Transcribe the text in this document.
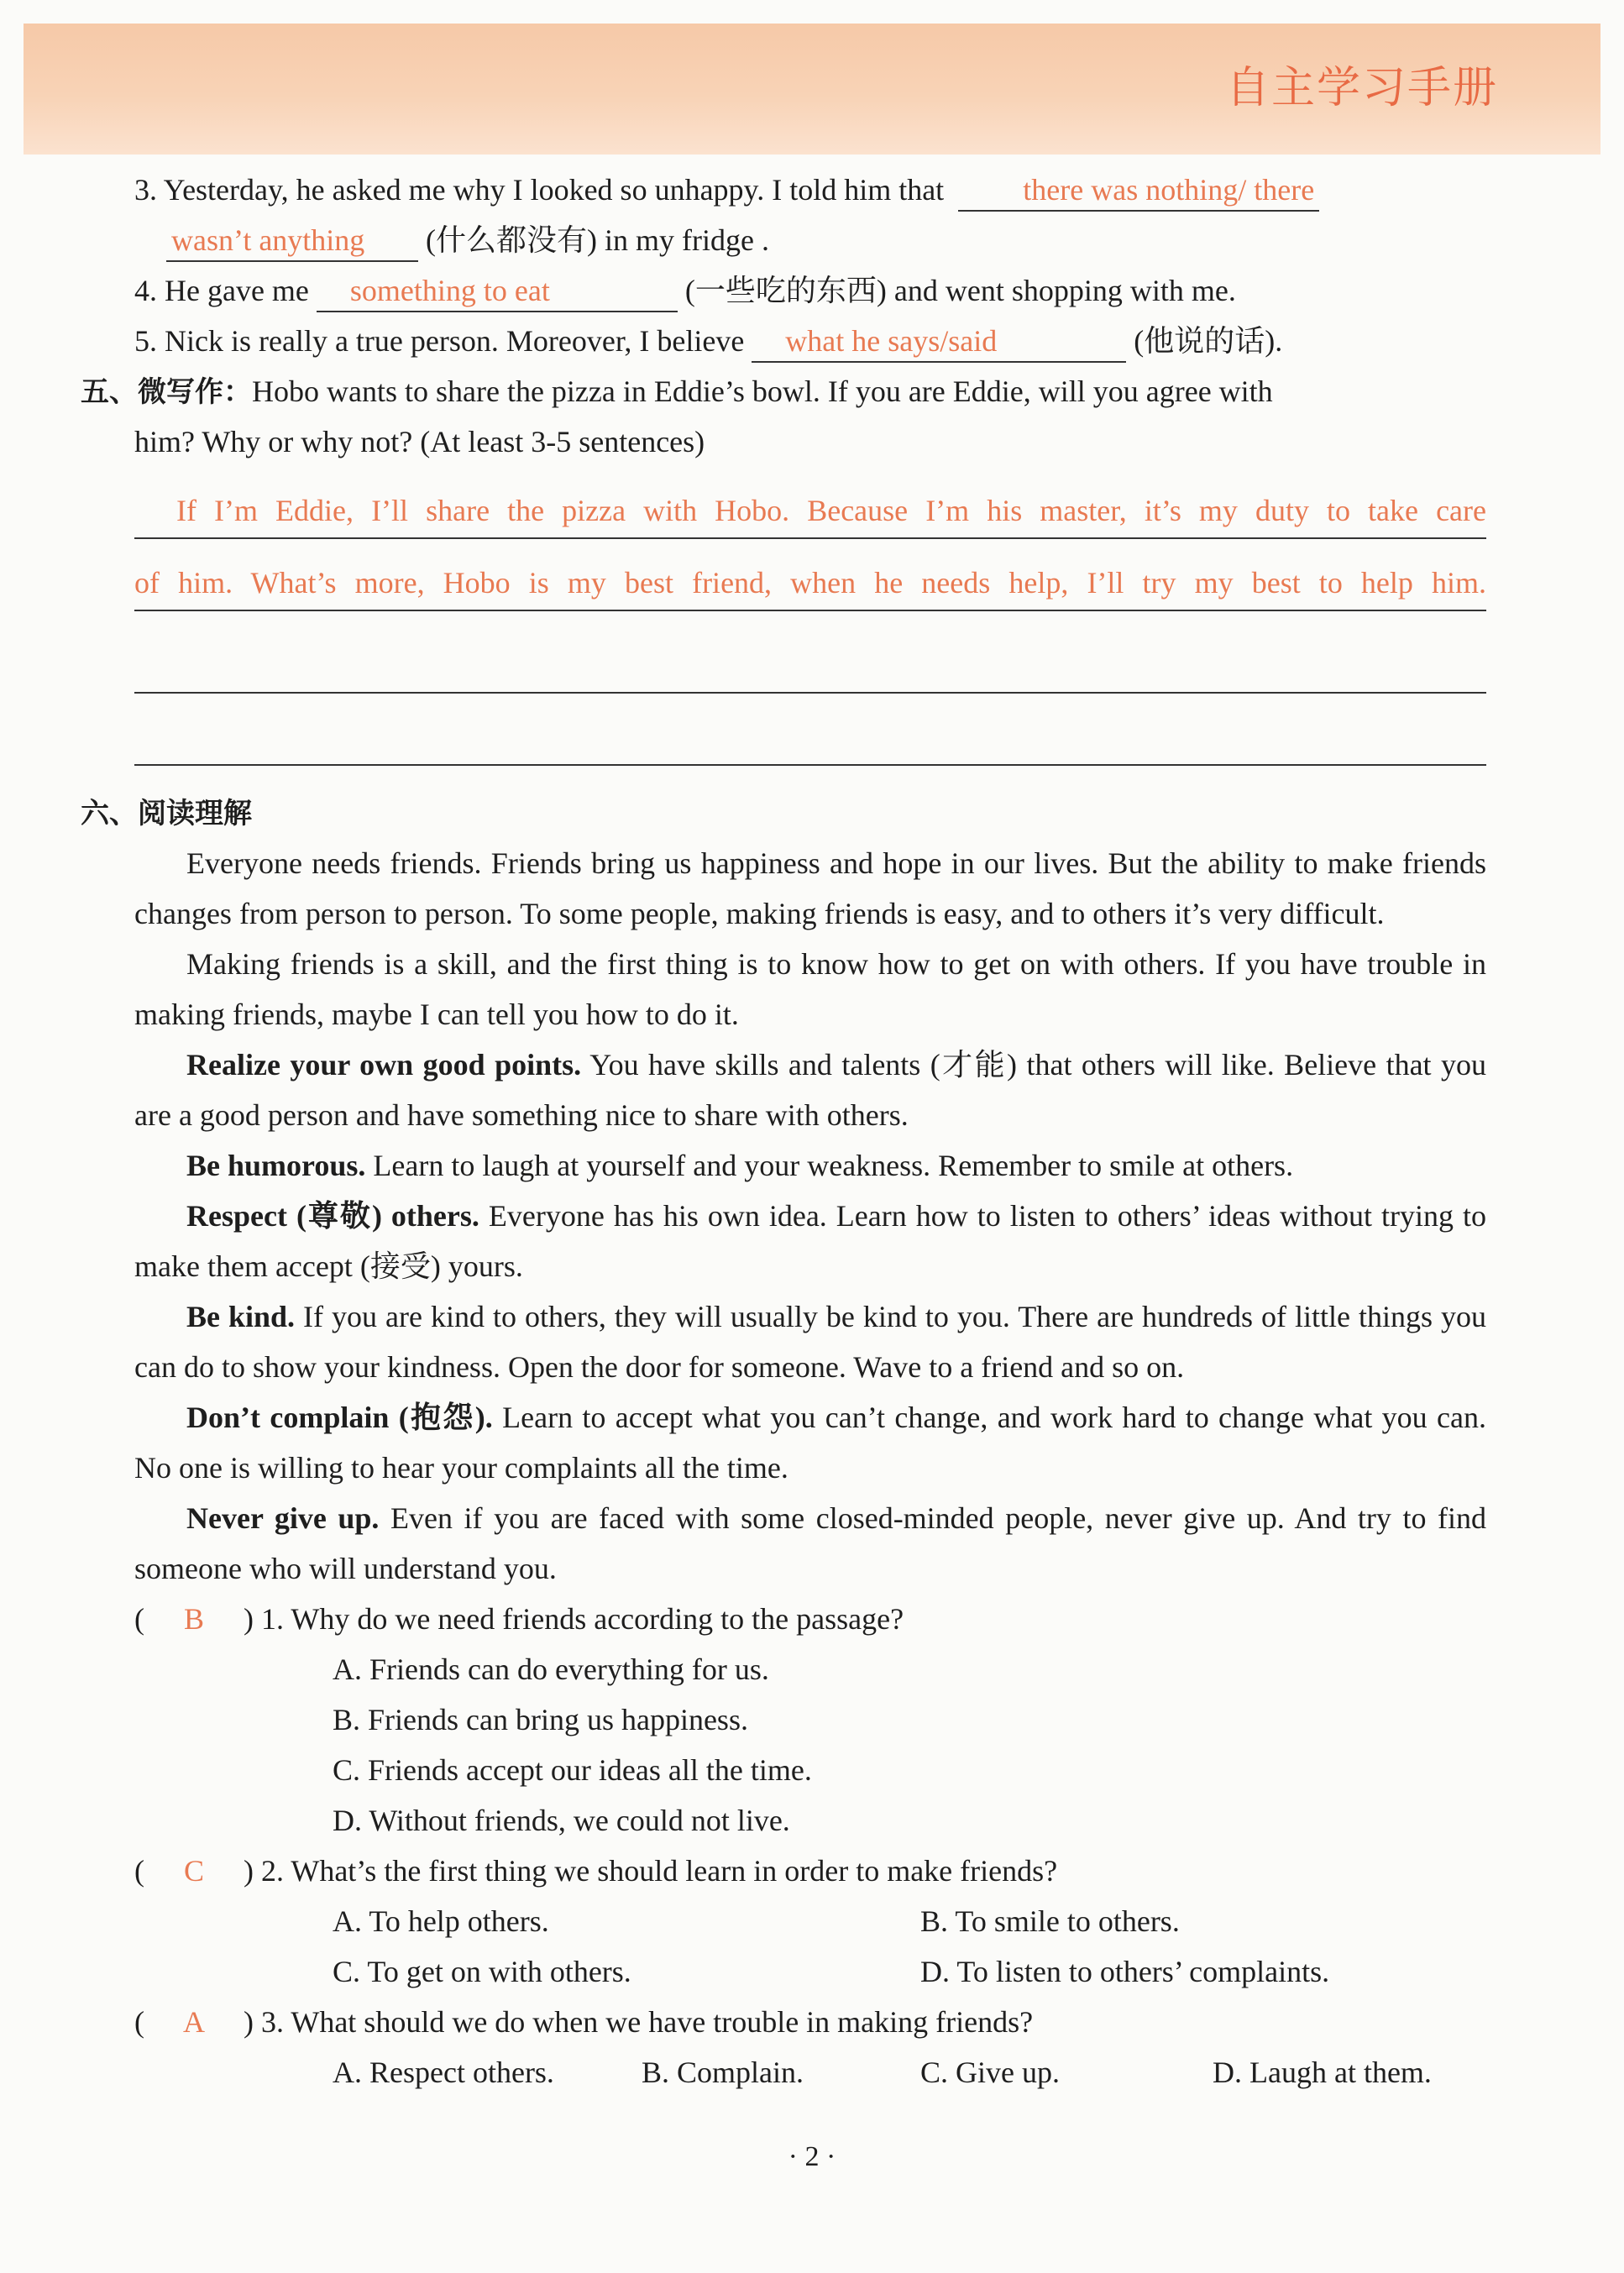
自主学习手册
3. Yesterday, he asked me why I looked so unhappy. I told him that	there was nothing/ there
wasn’t anything (什么都没有) in my fridge .
4. He gave me something to eat	(一些吃的东西) and went shopping with me.
5. Nick is really a true person. Moreover, I believe what he says/said	(他说的话).
五、微写作：Hobo wants to share the pizza in Eddie’s bowl. If you are Eddie, will you agree with
him? Why or why not? (At least 3-5 sentences)
If I’m Eddie, I’ll share the pizza with Hobo. Because I’m his master, it’s my duty to take care
of him. What’s more, Hobo is my best friend, when he needs help, I’ll try my best to help him.
六、阅读理解

Everyone needs friends. Friends bring us happiness and hope in our lives. But the ability to make friends changes from person to person. To some people, making friends is easy, and to others it’s very difficult.

Making friends is a skill, and the first thing is to know how to get on with others. If you have trouble in making friends, maybe I can tell you how to do it.

Realize your own good points. You have skills and talents (才能) that others will like. Believe that you are a good person and have something nice to share with others.

Be humorous. Learn to laugh at yourself and your weakness. Remember to smile at others.

Respect (尊敬) others. Everyone has his own idea. Learn how to listen to others’ ideas without trying to make them accept (接受) yours.

Be kind. If you are kind to others, they will usually be kind to you. There are hundreds of little things you can do to show your kindness. Open the door for someone. Wave to a friend and so on.

Don’t complain (抱怨). Learn to accept what you can’t change, and work hard to change what you can. No one is willing to hear your complaints all the time.

Never give up. Even if you are faced with some closed-minded people, never give up. And try to find someone who will understand you.

(	B	) 1. Why do we need friends according to the passage?
A. Friends can do everything for us.
B. Friends can bring us happiness.
C. Friends accept our ideas all the time.
D. Without friends, we could not live.
(	C	) 2. What’s the first thing we should learn in order to make friends?
A. To help others.	B. To smile to others.
C. To get on with others.	D. To listen to others’ complaints.
(	A	) 3. What should we do when we have trouble in making friends?
A. Respect others.	B. Complain.	C. Give up.	D. Laugh at them.
· 2 ·
